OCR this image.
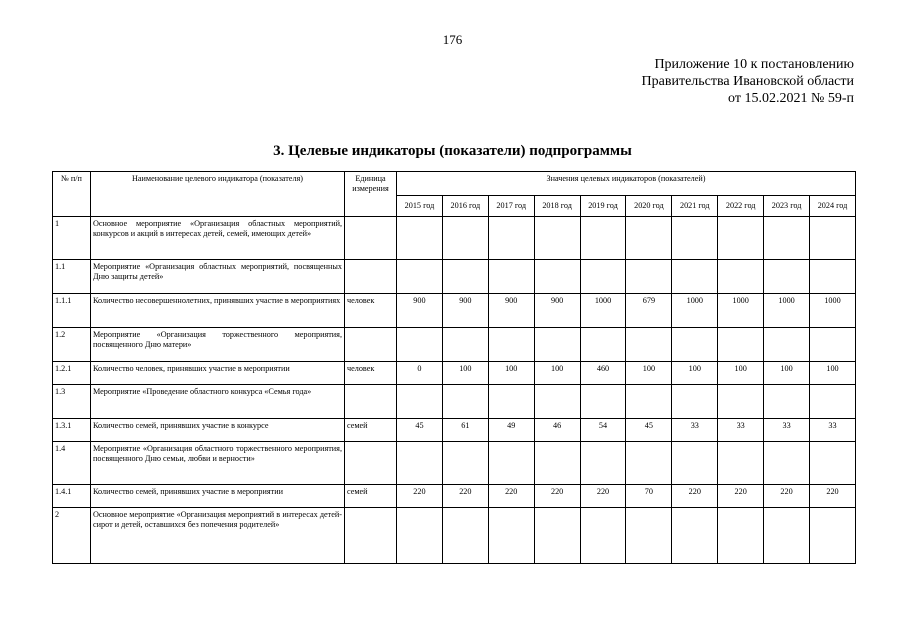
176
Приложение 10 к постановлению
Правительства Ивановской области
от 15.02.2021 № 59-п
3. Целевые индикаторы (показатели) подпрограммы
№ п/п	Наименование целевого индикатора (показателя)	Единица измерения	Значения целевых индикаторов (показателей)									
			2015 год	2016 год	2017 год	2018 год	2019 год	2020 год	2021 год	2022 год	2023 год	2024 год
1	Основное мероприятие «Организация областных мероприятий, конкурсов и акций в интересах детей, семей, имеющих детей»											
1.1	Мероприятие «Организация областных мероприятий, посвященных Дню защиты детей»											
1.1.1	Количество несовершеннолетних, принявших участие в мероприятиях	человек	900	900	900	900	1000	679	1000	1000	1000	1000
1.2	Мероприятие «Организация торжественного мероприятия, посвященного Дню матери»											
1.2.1	Количество человек, принявших участие в мероприятии	человек	0	100	100	100	460	100	100	100	100	100
1.3	Мероприятие «Проведение областного конкурса «Семья года»											
1.3.1	Количество семей, принявших участие в конкурсе	семей	45	61	49	46	54	45	33	33	33	33
1.4	Мероприятие «Организация областного торжественного мероприятия, посвященного Дню семьи, любви и верности»											
1.4.1	Количество семей, принявших участие в мероприятии	семей	220	220	220	220	220	70	220	220	220	220
2	Основное мероприятие «Организация мероприятий в интересах детей-сирот и детей, оставшихся без попечения родителей»											
